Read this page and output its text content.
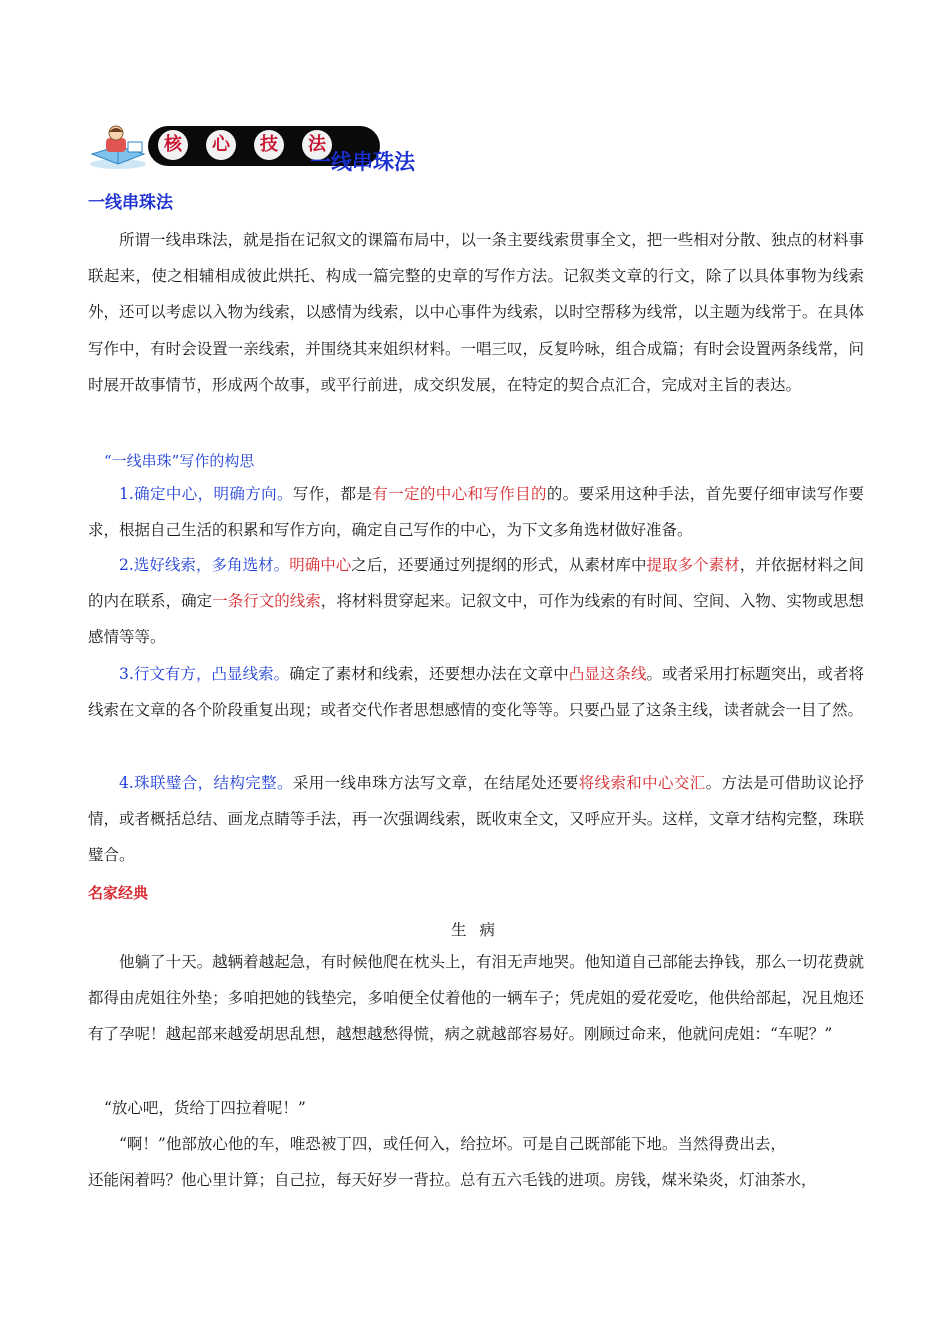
核	心	技	法
一线串珠法
一线串珠法

所谓一线串珠法，就是指在记叙文的课篇布局中，以一条主要线索贯事全文，把一些相对分散、独点的材料事联起来，使之相辅相成彼此烘托、构成一篇完整的史章的写作方法。记叙类文章的行文，除了以具体事物为线索外，还可以考虑以入物为线索，以感情为线索，以中心事件为线索，以时空帮移为线常，以主题为线常于。在具体写作中，有时会设置一亲线索，并围绕其来姐织材料。一唱三叹，反复吟咏，组合成篇；有时会设置两条线常，问时展开故事情节，形成两个故事，或平行前进，成交织发展，在特定的契合点汇合，完成对主旨的表达。

“一线串珠”写作的构思

1.确定中心，明确方向。写作，都是有一定的中心和写作目的的。要采用这种手法，首先要仔细审读写作要求，根据自己生活的积累和写作方向，确定自己写作的中心，为下文多角选材做好准备。

2.选好线索，多角选材。明确中心之后，还要通过列提纲的形式，从素材库中提取多个素材，并依据材料之间的内在联系，确定一条行文的线索，将材料贯穿起来。记叙文中，可作为线索的有时间、空间、入物、实物或思想感情等等。

3.行文有方，凸显线索。确定了素材和线索，还要想办法在文章中凸显这条线。或者采用打标题突出，或者将线索在文章的各个阶段重复出现；或者交代作者思想感情的变化等等。只要凸显了这条主线，读者就会一目了然。

4.珠联璧合，结构完整。采用一线串珠方法写文章，在结尾处还要将线索和中心交汇。方法是可借助议论抒情，或者概括总结、画龙点睛等手法，再一次强调线索，既收束全文，又呼应开头。这样，文章才结构完整，珠联璧合。

名家经典
生 病

他躺了十天。越辆着越起急，有时候他爬在枕头上，有泪无声地哭。他知道自己部能去挣钱，那么一切花费就都得由虎姐往外垫；多咱把她的钱垫完，多咱便全仗着他的一辆车子；凭虎姐的爱花爱吃，他供给部起，况且炮还有了孕呢！越起部来越爱胡思乱想，越想越愁得慌，病之就越部容易好。刚顾过命来，他就问虎姐：“车呢？”

“放心吧，货给丁四拉着呢！”
“啊！”他部放心他的车，唯恐被丁四，或任何入，给拉坏。可是自己既部能下地。当然得费出去，
还能闲着吗？他心里计算；自己拉，每天好岁一背拉。总有五六毛钱的进项。房钱，煤米染炎，灯油茶水，
